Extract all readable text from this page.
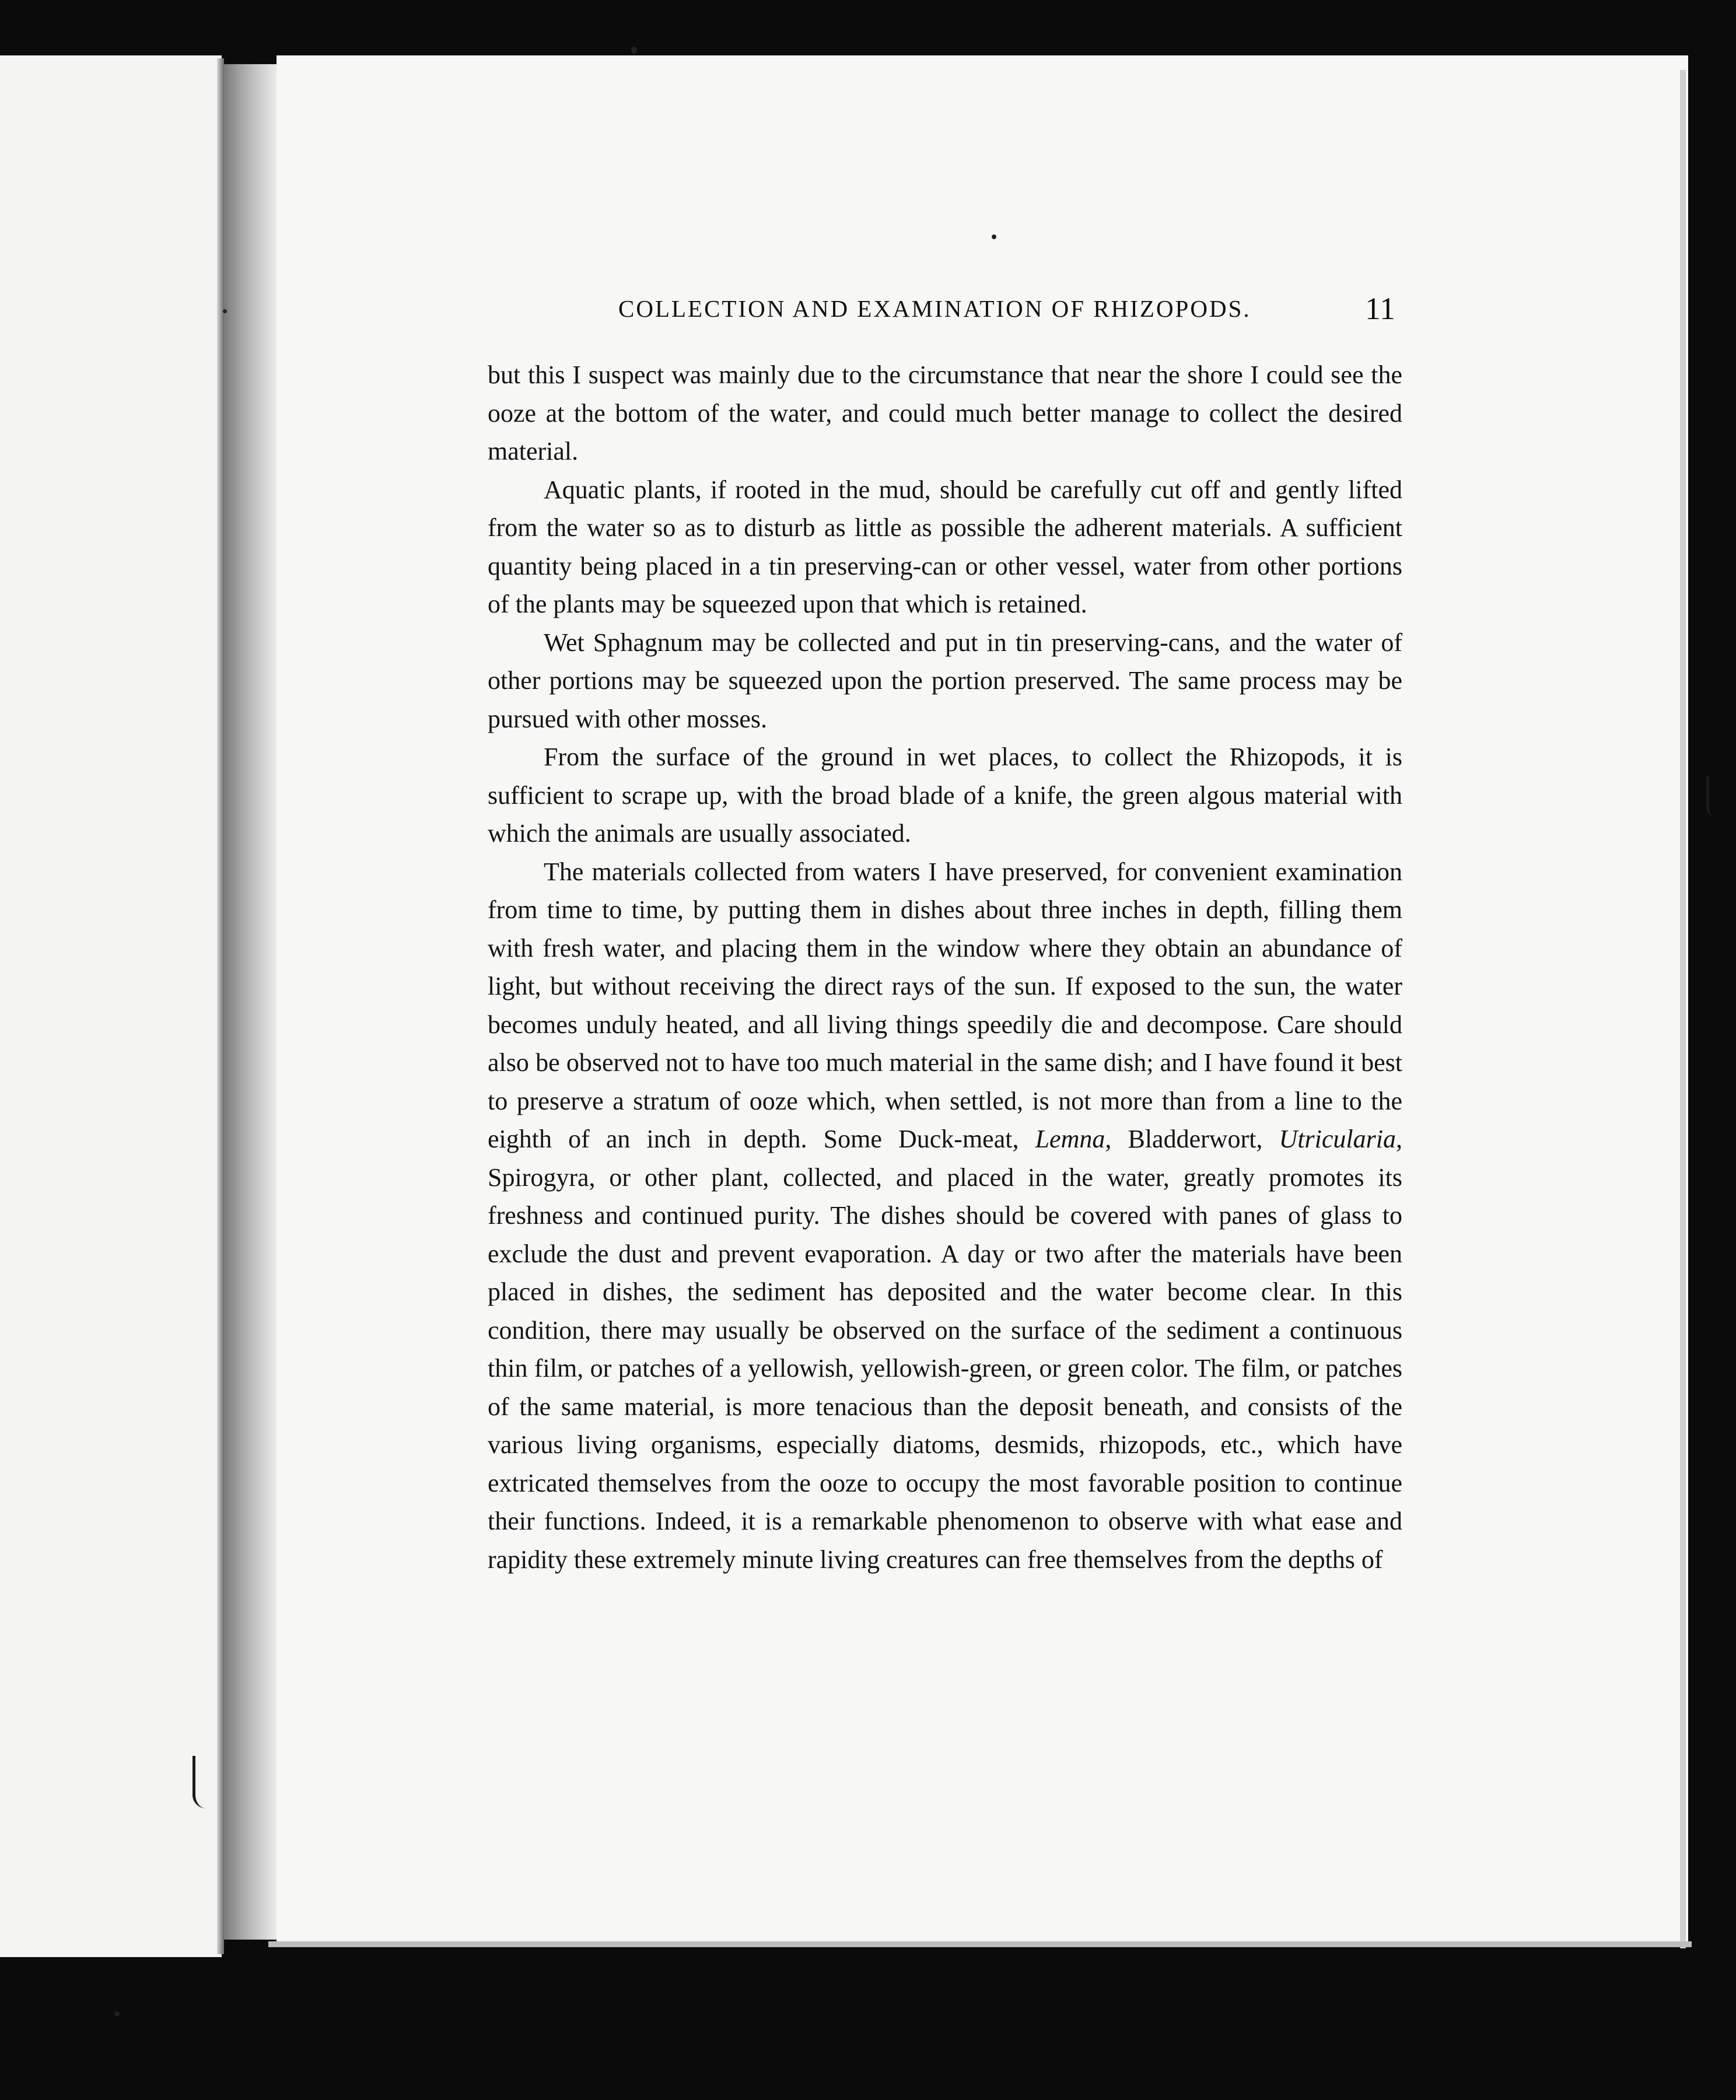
COLLECTION AND EXAMINATION OF RHIZOPODS.	11

but this I suspect was mainly due to the circumstance that near the shore I could see the ooze at the bottom of the water, and could much better manage to collect the desired material.

Aquatic plants, if rooted in the mud, should be carefully cut off and gently lifted from the water so as to disturb as little as possible the adherent materials. A sufficient quantity being placed in a tin preserving-can or other vessel, water from other portions of the plants may be squeezed upon that which is retained.

Wet Sphagnum may be collected and put in tin preserving-cans, and the water of other portions may be squeezed upon the portion preserved. The same process may be pursued with other mosses.

From the surface of the ground in wet places, to collect the Rhizopods, it is sufficient to scrape up, with the broad blade of a knife, the green algous material with which the animals are usually associated.

The materials collected from waters I have preserved, for convenient examination from time to time, by putting them in dishes about three inches in depth, filling them with fresh water, and placing them in the window where they obtain an abundance of light, but without receiving the direct rays of the sun. If exposed to the sun, the water becomes unduly heated, and all living things speedily die and decompose. Care should also be observed not to have too much material in the same dish; and I have found it best to preserve a stratum of ooze which, when settled, is not more than from a line to the eighth of an inch in depth. Some Duck-meat, Lemna, Bladderwort, Utricularia, Spirogyra, or other plant, collected, and placed in the water, greatly promotes its freshness and continued purity. The dishes should be covered with panes of glass to exclude the dust and prevent evaporation. A day or two after the materials have been placed in dishes, the sediment has deposited and the water become clear. In this condition, there may usually be observed on the surface of the sediment a continuous thin film, or patches of a yellowish, yellowish-green, or green color. The film, or patches of the same material, is more tenacious than the deposit beneath, and consists of the various living organisms, especially diatoms, desmids, rhizopods, etc., which have extricated themselves from the ooze to occupy the most favorable position to continue their functions. Indeed, it is a remarkable phenomenon to observe with what ease and rapidity these extremely minute living creatures can free themselves from the depths of
